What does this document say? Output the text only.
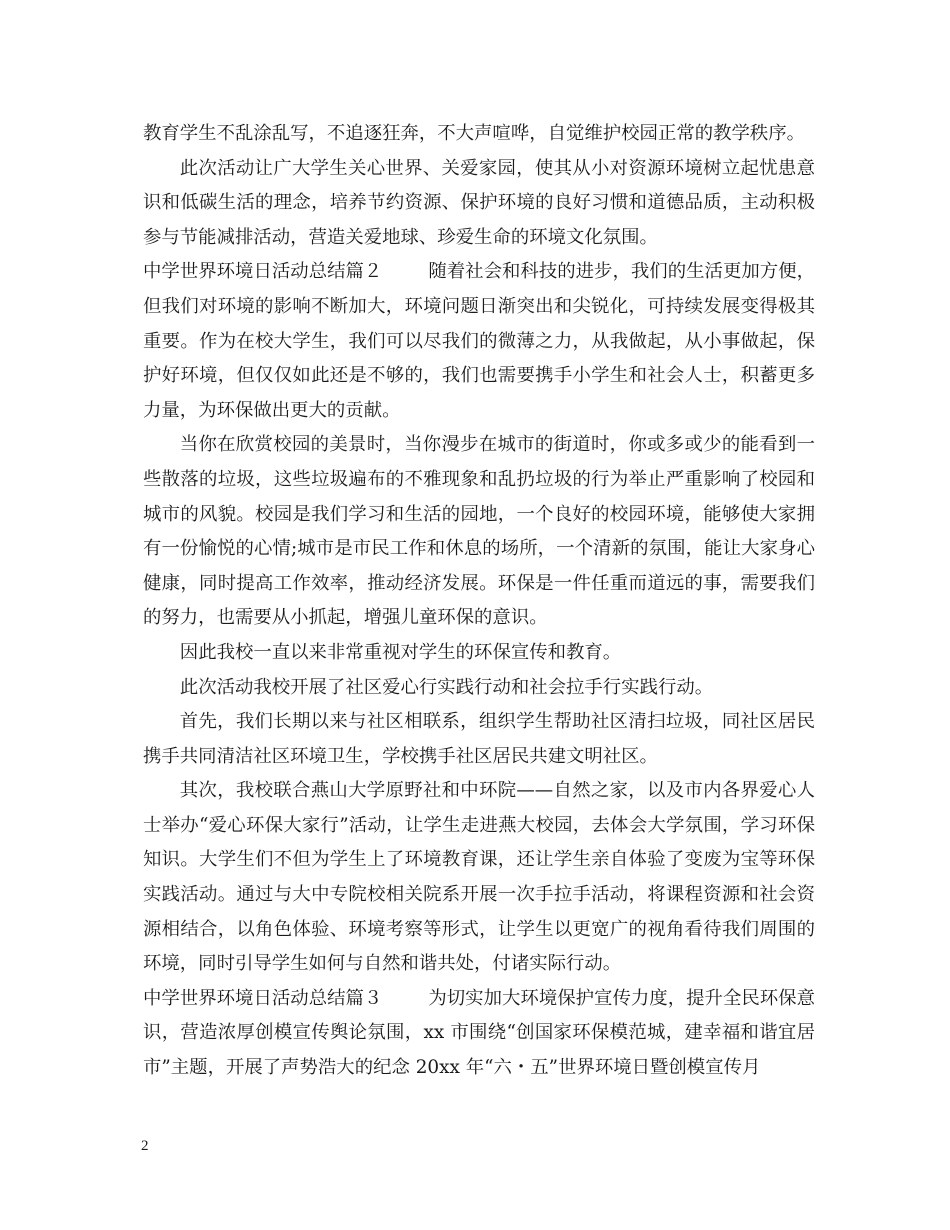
教育学生不乱涂乱写，不追逐狂奔，不大声喧哗，自觉维护校园正常的教学秩序。

此次活动让广大学生关心世界、关爱家园，使其从小对资源环境树立起忧患意识和低碳生活的理念，培养节约资源、保护环境的良好习惯和道德品质，主动积极参与节能减排活动，营造关爱地球、珍爱生命的环境文化氛围。

中学世界环境日活动总结篇２	随着社会和科技的进步，我们的生活更加方便，但我们对环境的影响不断加大，环境问题日渐突出和尖锐化，可持续发展变得极其重要。作为在校大学生，我们可以尽我们的微薄之力，从我做起，从小事做起，保护好环境，但仅仅如此还是不够的，我们也需要携手小学生和社会人士，积蓄更多力量，为环保做出更大的贡献。

当你在欣赏校园的美景时，当你漫步在城市的街道时，你或多或少的能看到一些散落的垃圾，这些垃圾遍布的不雅现象和乱扔垃圾的行为举止严重影响了校园和城市的风貌。校园是我们学习和生活的园地，一个良好的校园环境，能够使大家拥有一份愉悦的心情;城市是市民工作和休息的场所，一个清新的氛围，能让大家身心健康，同时提高工作效率，推动经济发展。环保是一件任重而道远的事，需要我们的努力，也需要从小抓起，增强儿童环保的意识。

因此我校一直以来非常重视对学生的环保宣传和教育。

此次活动我校开展了社区爱心行实践行动和社会拉手行实践行动。

首先，我们长期以来与社区相联系，组织学生帮助社区清扫垃圾，同社区居民携手共同清洁社区环境卫生，学校携手社区居民共建文明社区。

其次，我校联合燕山大学原野社和中环院——自然之家，以及市内各界爱心人士举办“爱心环保大家行”活动，让学生走进燕大校园，去体会大学氛围，学习环保知识。大学生们不但为学生上了环境教育课，还让学生亲自体验了变废为宝等环保实践活动。通过与大中专院校相关院系开展一次手拉手活动，将课程资源和社会资源相结合，以角色体验、环境考察等形式，让学生以更宽广的视角看待我们周围的环境，同时引导学生如何与自然和谐共处，付诸实际行动。

中学世界环境日活动总结篇３	为切实加大环境保护宣传力度，提升全民环保意识，营造浓厚创模宣传舆论氛围，xx 市围绕“创国家环保模范城，建幸福和谐宜居市”主题，开展了声势浩大的纪念 20xx 年“六・五”世界环境日暨创模宣传月

2
